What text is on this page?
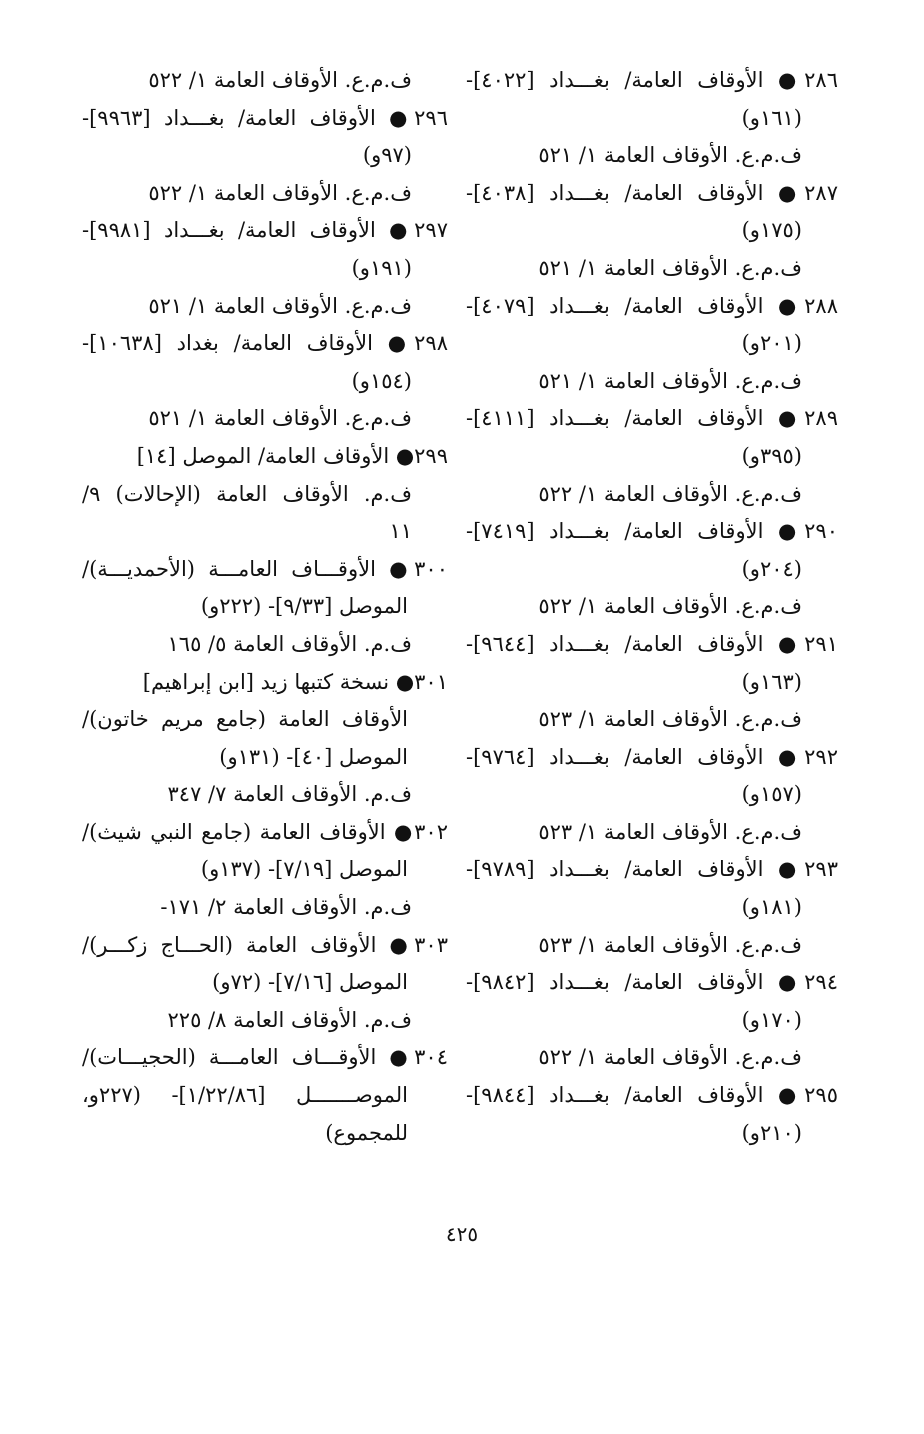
٢٨٦● الأوقاف العامة/ بغـــداد [٤٠٢٢]-
(١٦١و)
ف.م.ع. الأوقاف العامة ١/ ٥٢١
٢٨٧● الأوقاف العامة/ بغـــداد [٤٠٣٨]-
(١٧٥و)
ف.م.ع. الأوقاف العامة ١/ ٥٢١
٢٨٨● الأوقاف العامة/ بغـــداد [٤٠٧٩]-
(٢٠١و)
ف.م.ع. الأوقاف العامة ١/ ٥٢١
٢٨٩● الأوقاف العامة/ بغـــداد [٤١١١]-
(٣٩٥و)
ف.م.ع. الأوقاف العامة ١/ ٥٢٢
٢٩٠● الأوقاف العامة/ بغـــداد [٧٤١٩]-
(٢٠٤و)
ف.م.ع. الأوقاف العامة ١/ ٥٢٢
٢٩١● الأوقاف العامة/ بغـــداد [٩٦٤٤]-
(١٦٣و)
ف.م.ع. الأوقاف العامة ١/ ٥٢٣
٢٩٢● الأوقاف العامة/ بغـــداد [٩٧٦٤]-
(١٥٧و)
ف.م.ع. الأوقاف العامة ١/ ٥٢٣
٢٩٣● الأوقاف العامة/ بغـــداد [٩٧٨٩]-
(١٨١و)
ف.م.ع. الأوقاف العامة ١/ ٥٢٣
٢٩٤● الأوقاف العامة/ بغـــداد [٩٨٤٢]-
(١٧٠و)
ف.م.ع. الأوقاف العامة ١/ ٥٢٢
٢٩٥● الأوقاف العامة/ بغـــداد [٩٨٤٤]-
(٢١٠و)
ف.م.ع. الأوقاف العامة ١/ ٥٢٢
٢٩٦● الأوقاف العامة/ بغـــداد [٩٩٦٣]-
(٩٧و)
ف.م.ع. الأوقاف العامة ١/ ٥٢٢
٢٩٧● الأوقاف العامة/ بغـــداد [٩٩٨١]-
(١٩١و)
ف.م.ع. الأوقاف العامة ١/ ٥٢١
٢٩٨● الأوقاف العامة/ بغداد [١٠٦٣٨]-
(١٥٤و)
ف.م.ع. الأوقاف العامة ١/ ٥٢١
٢٩٩● الأوقاف العامة/ الموصل [١٤]
ف.م. الأوقاف العامة (الإحالات) ٩/
١١
٣٠٠● الأوقـــاف العامـــة (الأحمديـــة)/
الموصل [٩/٣٣]- (٢٢٢و)
ف.م. الأوقاف العامة ٥/ ١٦٥
٣٠١● نسخة كتبها زيد [ابن إبراهيم]
الأوقاف العامة (جامع مريم خاتون)/
الموصل [٤٠]- (١٣١و)
ف.م. الأوقاف العامة ٧/ ٣٤٧
٣٠٢● الأوقاف العامة (جامع النبي شيث)/
الموصل [٧/١٩]- (١٣٧و)
ف.م. الأوقاف العامة ٢/ ١٧١-
٣٠٣● الأوقاف العامة (الحـــاج زكـــر)/
الموصل [٧/١٦]- (٧٢و)
ف.م. الأوقاف العامة ٨/ ٢٢٥
٣٠٤● الأوقـــاف العامـــة (الحجيـــات)/
الموصـــــــل [١/٢٢/٨٦]- (٢٢٧و،
للمجموع)
٤٢٥
